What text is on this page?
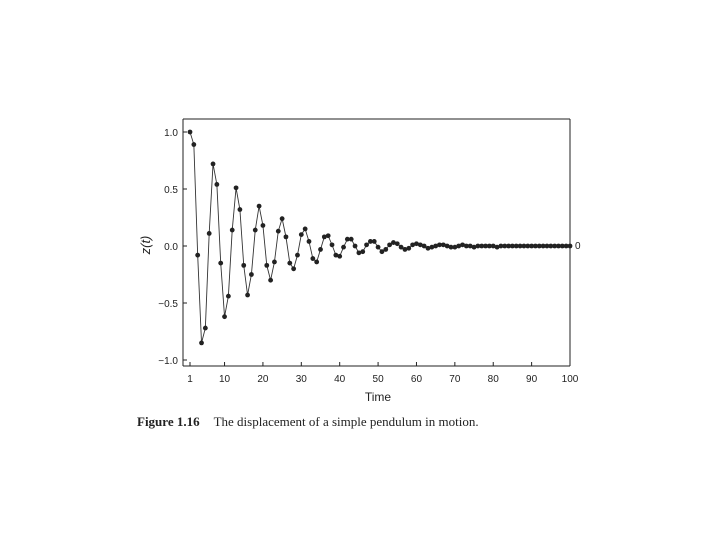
1.0
0.5
0.0
−0.5
−1.0
1	10	20	30	40	50	60	70	80	90 100
Time
z(t)	0
Figure 1.16 The displacement of a simple pendulum in motion.
